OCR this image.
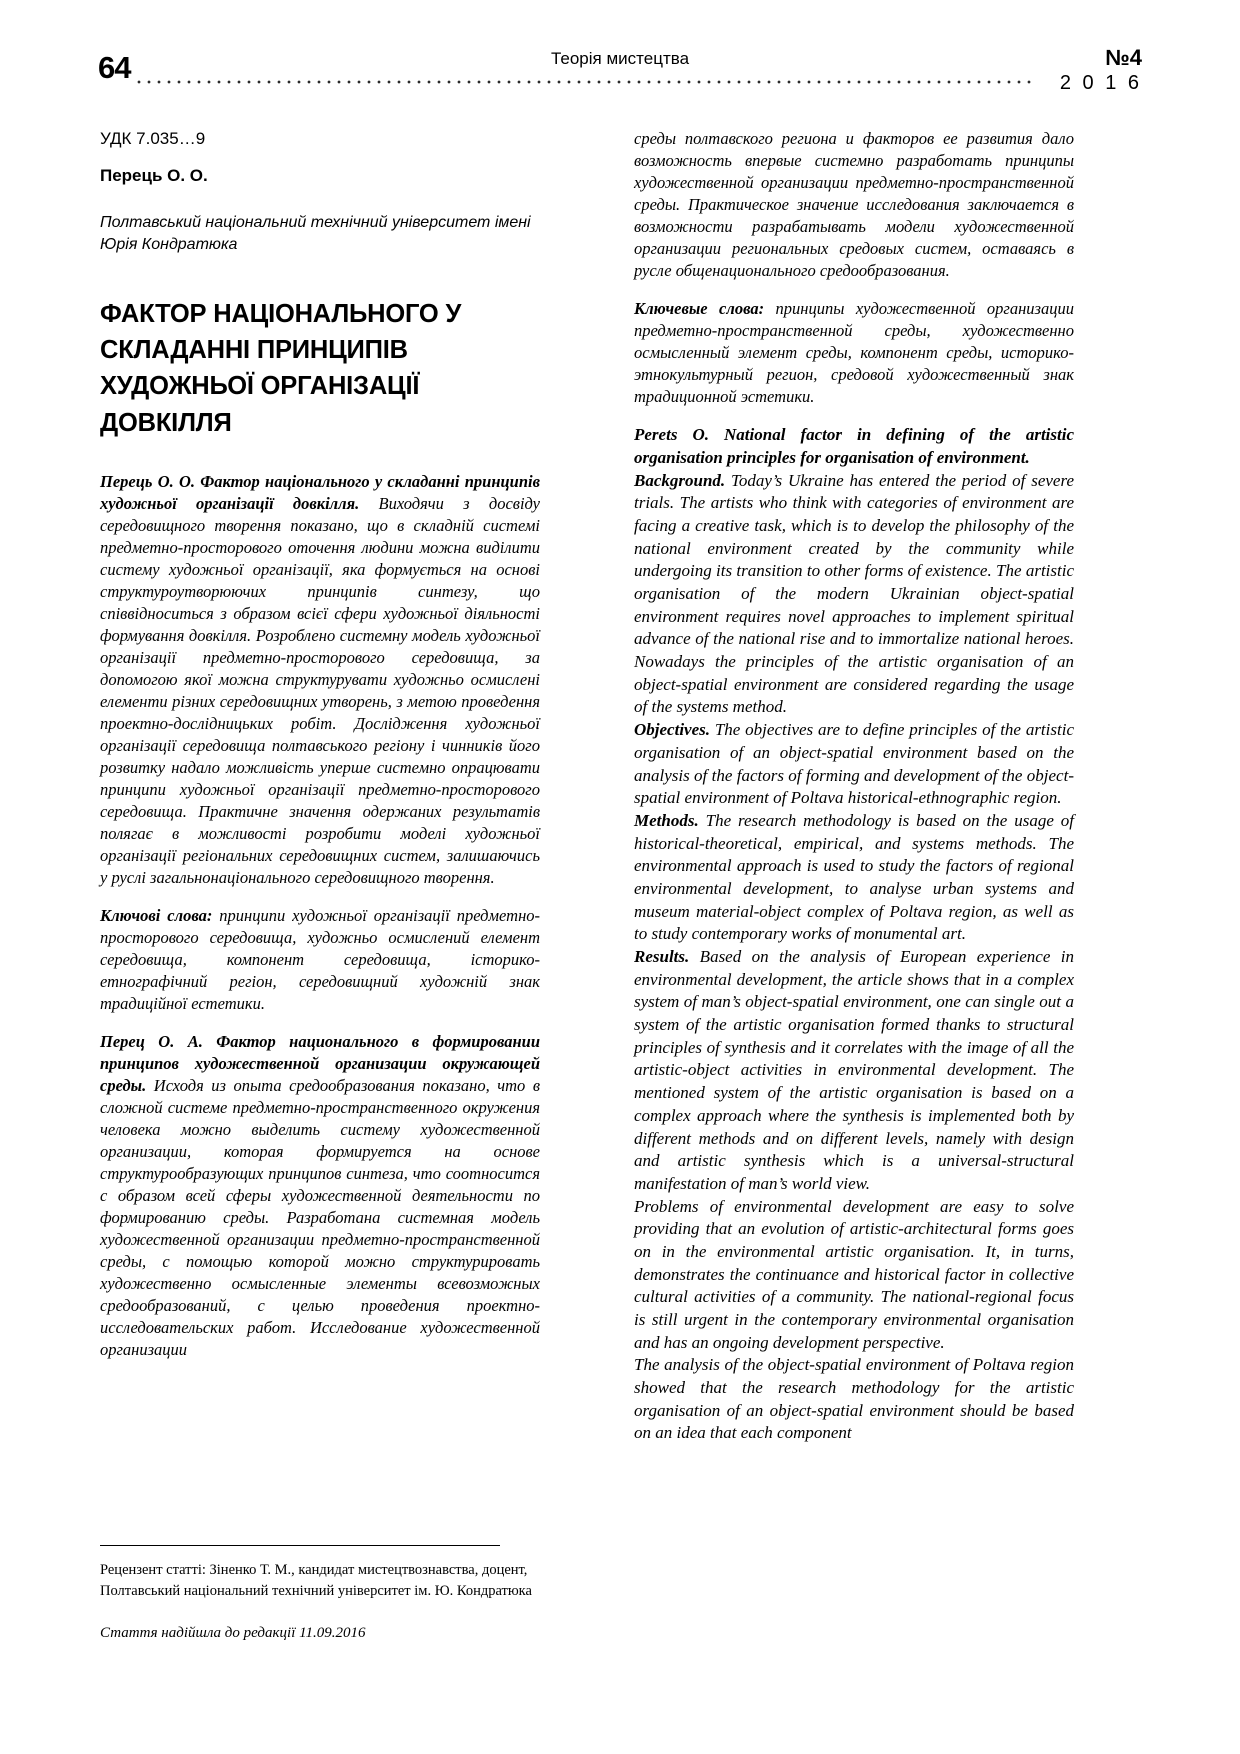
64	Теорія мистецтва	№4
2 0 1 6

УДК 7.035…9

Перець О. О.

Полтавський національний технічний університет імені Юрія Кондратюка

ФАКТОР НАЦІОНАЛЬНОГО У СКЛАДАННІ ПРИНЦИПІВ ХУДОЖНЬОЇ ОРГАНІЗАЦІЇ ДОВКІЛЛЯ

Перець О. О. Фактор національного у складанні принципів художньої організації довкілля. Виходячи з досвіду середовищного творення показано, що в складній системі предметно-просторового оточення людини можна виділити систему художньої організації, яка формується на основі структуроутворюючих принципів синтезу, що співвідноситься з образом всієї сфери художньої діяльності формування довкілля. Розроблено системну модель художньої організації предметно-просторового середовища, за допомогою якої можна структурувати художньо осмислені елементи різних середовищних утворень, з метою проведення проектно-дослідницьких робіт. Дослідження художньої організації середовища полтавського регіону і чинників його розвитку надало можливість уперше системно опрацювати принципи художньої організації предметно-просторового середовища. Практичне значення одержаних результатів полягає в можливості розробити моделі художньої організації регіональних середовищних систем, залишаючись у руслі загальнонаціонального середовищного творення.

Ключові слова: принципи художньої організації предметно-просторового середовища, художньо осмислений елемент середовища, компонент середовища, історико-етнографічний регіон, середовищний художній знак традиційної естетики.

Перец О. А. Фактор национального в формировании принципов художественной организации окружающей среды. Исходя из опыта средообразования показано, что в сложной системе предметно-пространственного окружения человека можно выделить систему художественной организации, которая формируется на основе структурообразующих принципов синтеза, что соотносится с образом всей сферы художественной деятельности по формированию среды. Разработана системная модель художественной организации предметно-пространственной среды, с помощью которой можно структурировать художественно осмысленные элементы всевозможных средообразований, с целью проведения проектно-исследовательских работ. Исследование художественной организации

среды полтавского региона и факторов ее развития дало возможность впервые системно разработать принципы художественной организации предметно-пространственной среды. Практическое значение исследования заключается в возможности разрабатывать модели художественной организации региональных средовых систем, оставаясь в русле общенационального средообразования.

Ключевые слова: принципы художественной организации предметно-пространственной среды, художественно осмысленный элемент среды, компонент среды, историко-этнокультурный регион, средовой художественный знак традиционной эстетики.

Perets O. National factor in defining of the artistic organisation principles for organisation of environment.

Background. Today’s Ukraine has entered the period of severe trials. The artists who think with categories of environment are facing a creative task, which is to develop the philosophy of the national environment created by the community while undergoing its transition to other forms of existence. The artistic organisation of the modern Ukrainian object-spatial environment requires novel approaches to implement spiritual advance of the national rise and to immortalize national heroes. Nowadays the principles of the artistic organisation of an object-spatial environment are considered regarding the usage of the systems method.

Objectives. The objectives are to define principles of the artistic organisation of an object-spatial environment based on the analysis of the factors of forming and development of the object-spatial environment of Poltava historical-ethnographic region.

Methods. The research methodology is based on the usage of historical-theoretical, empirical, and systems methods. The environmental approach is used to study the factors of regional environmental development, to analyse urban systems and museum material-object complex of Poltava region, as well as to study contemporary works of monumental art.

Results. Based on the analysis of European experience in environmental development, the article shows that in a complex system of man’s object-spatial environment, one can single out a system of the artistic organisation formed thanks to structural principles of synthesis and it correlates with the image of all the artistic-object activities in environmental development. The mentioned system of the artistic organisation is based on a complex approach where the synthesis is implemented both by different methods and on different levels, namely with design and artistic synthesis which is a universal-structural manifestation of man’s world view.

Problems of environmental development are easy to solve providing that an evolution of artistic-architectural forms goes on in the environmental artistic organisation. It, in turns, demonstrates the continuance and historical factor in collective cultural activities of a community. The national-regional focus is still urgent in the contemporary environmental organisation and has an ongoing development perspective.

The analysis of the object-spatial environment of Poltava region showed that the research methodology for the artistic organisation of an object-spatial environment should be based on an idea that each component

Рецензент статті: Зіненко Т. М., кандидат мистецтвознавства, доцент, Полтавський національний технічний університет ім. Ю. Кондратюка

Стаття надійшла до редакції 11.09.2016
